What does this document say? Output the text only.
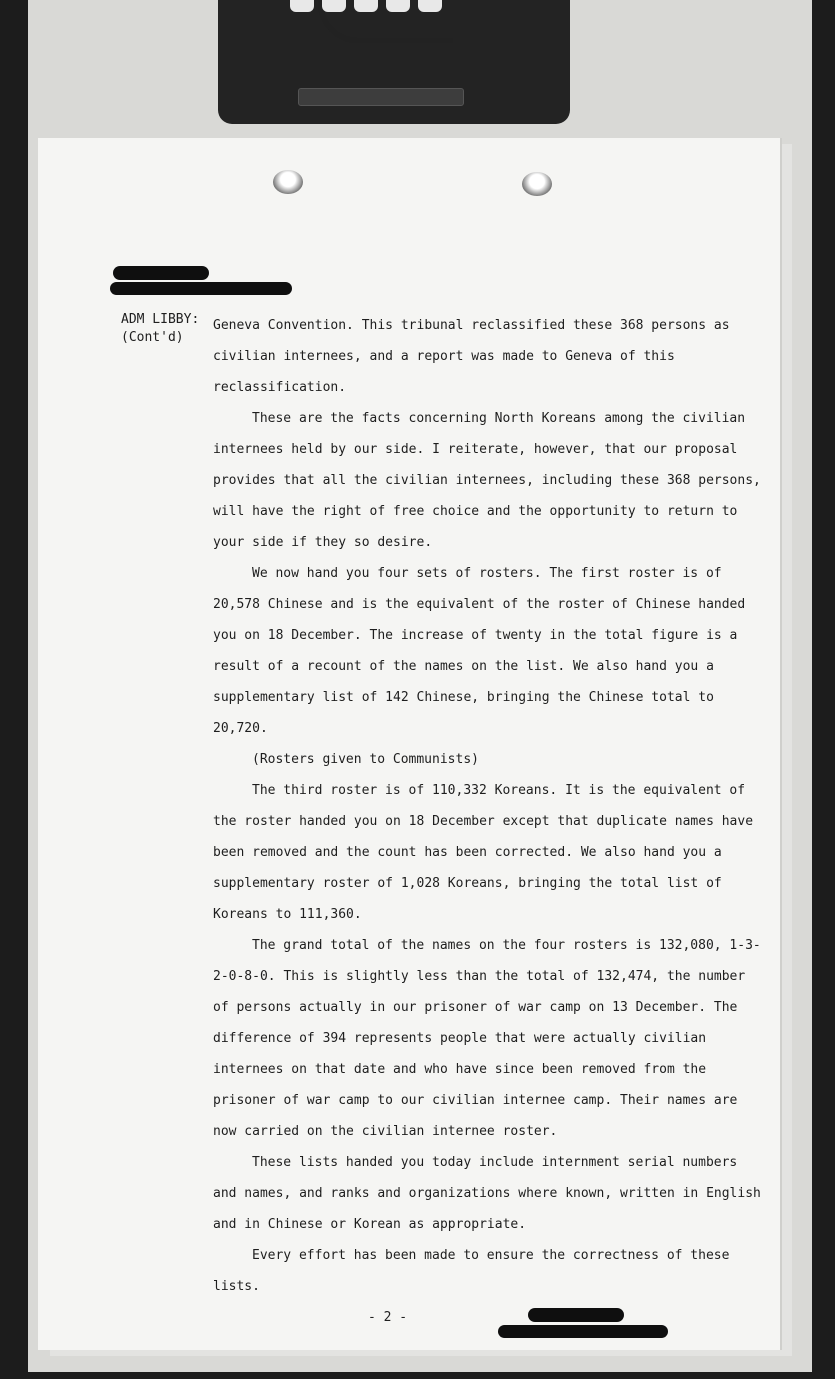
ADM LIBBY:
(Cont'd)

Geneva Convention. This tribunal reclassified these 368 persons as civilian internees, and a report was made to Geneva of this reclassification.

These are the facts concerning North Koreans among the civilian internees held by our side. I reiterate, however, that our proposal provides that all the civilian internees, including these 368 persons, will have the right of free choice and the opportunity to return to your side if they so desire.

We now hand you four sets of rosters. The first roster is of 20,578 Chinese and is the equivalent of the roster of Chinese handed you on 18 December. The increase of twenty in the total figure is a result of a recount of the names on the list. We also hand you a supplementary list of 142 Chinese, bringing the Chinese total to 20,720.

(Rosters given to Communists)

The third roster is of 110,332 Koreans. It is the equivalent of the roster handed you on 18 December except that duplicate names have been removed and the count has been corrected. We also hand you a supplementary roster of 1,028 Koreans, bringing the total list of Koreans to 111,360.

The grand total of the names on the four rosters is 132,080, 1-3-2-0-8-0. This is slightly less than the total of 132,474, the number of persons actually in our prisoner of war camp on 13 December. The difference of 394 represents people that were actually civilian internees on that date and who have since been removed from the prisoner of war camp to our civilian internee camp. Their names are now carried on the civilian internee roster.

These lists handed you today include internment serial numbers and names, and ranks and organizations where known, written in English and in Chinese or Korean as appropriate.

Every effort has been made to ensure the correctness of these lists.

- 2 -
